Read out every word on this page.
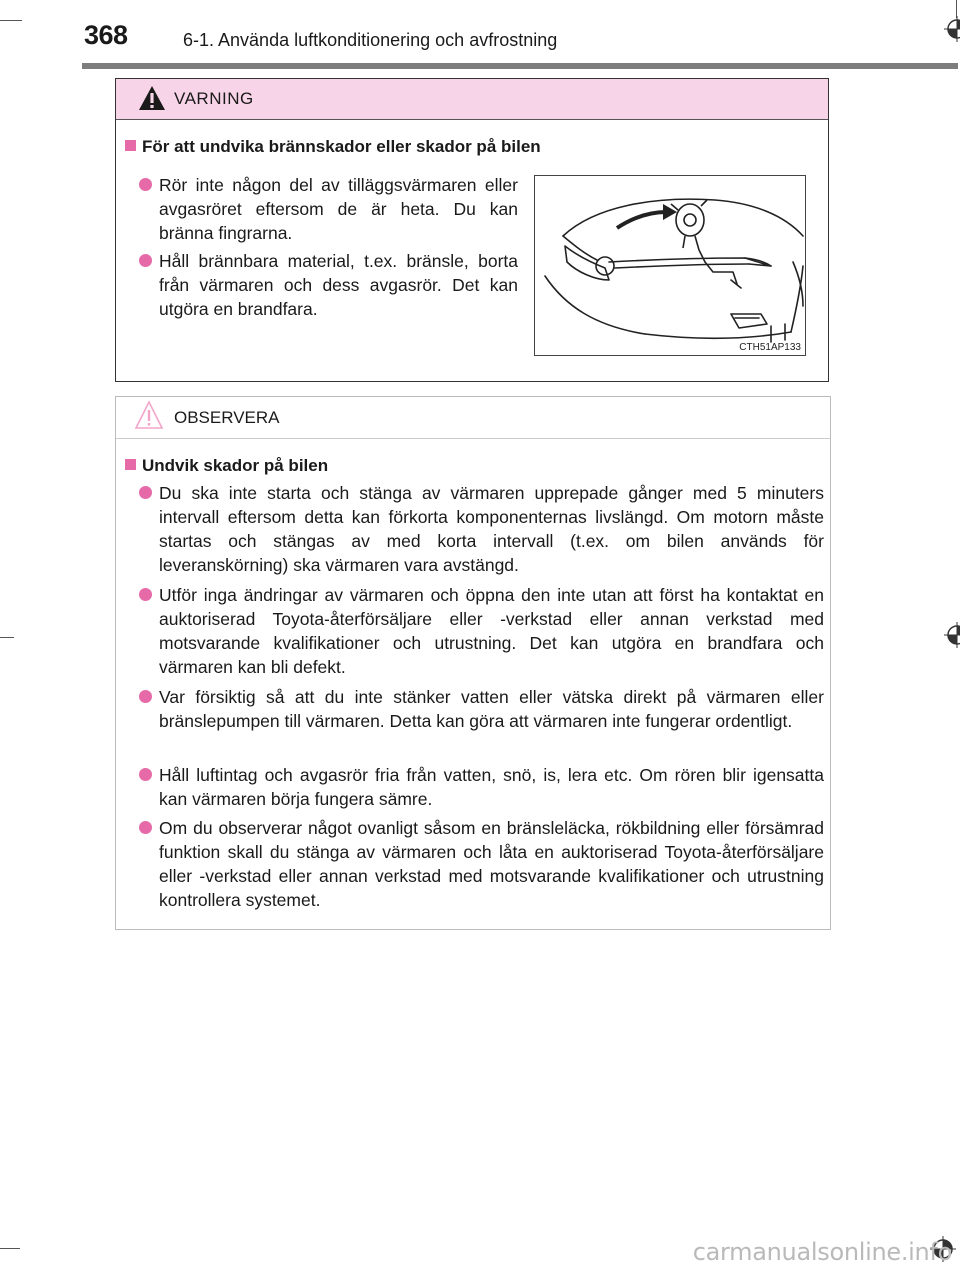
368	6-1. Använda luftkonditionering och avfrostning
VARNING
För att undvika brännskador eller skador på bilen
Rör inte någon del av tilläggsvärmaren eller avgasröret eftersom de är heta. Du kan bränna fingrarna.
Håll brännbara material, t.ex. bränsle, borta från värmaren och dess avgasrör. Det kan utgöra en brandfara.
CTH51AP133
OBSERVERA
Undvik skador på bilen
Du ska inte starta och stänga av värmaren upprepade gånger med 5 minuters intervall eftersom detta kan förkorta komponenternas livslängd. Om motorn måste startas och stängas av med korta intervall (t.ex. om bilen används för leveranskörning) ska värmaren vara avstängd.
Utför inga ändringar av värmaren och öppna den inte utan att först ha kontaktat en auktoriserad Toyota-återförsäljare eller -verkstad eller annan verkstad med motsvarande kvalifikationer och utrustning. Det kan utgöra en brandfara och värmaren kan bli defekt.
Var försiktig så att du inte stänker vatten eller vätska direkt på värmaren eller bränslepumpen till värmaren. Detta kan göra att värmaren inte fungerar ordentligt.
Håll luftintag och avgasrör fria från vatten, snö, is, lera etc. Om rören blir igensatta kan värmaren börja fungera sämre.
Om du observerar något ovanligt såsom en bränsleläcka, rökbildning eller försämrad funktion skall du stänga av värmaren och låta en auktoriserad Toyota-återförsäljare eller -verkstad eller annan verkstad med motsvarande kvalifikationer och utrustning kontrollera systemet.
carmanualsonline.info
